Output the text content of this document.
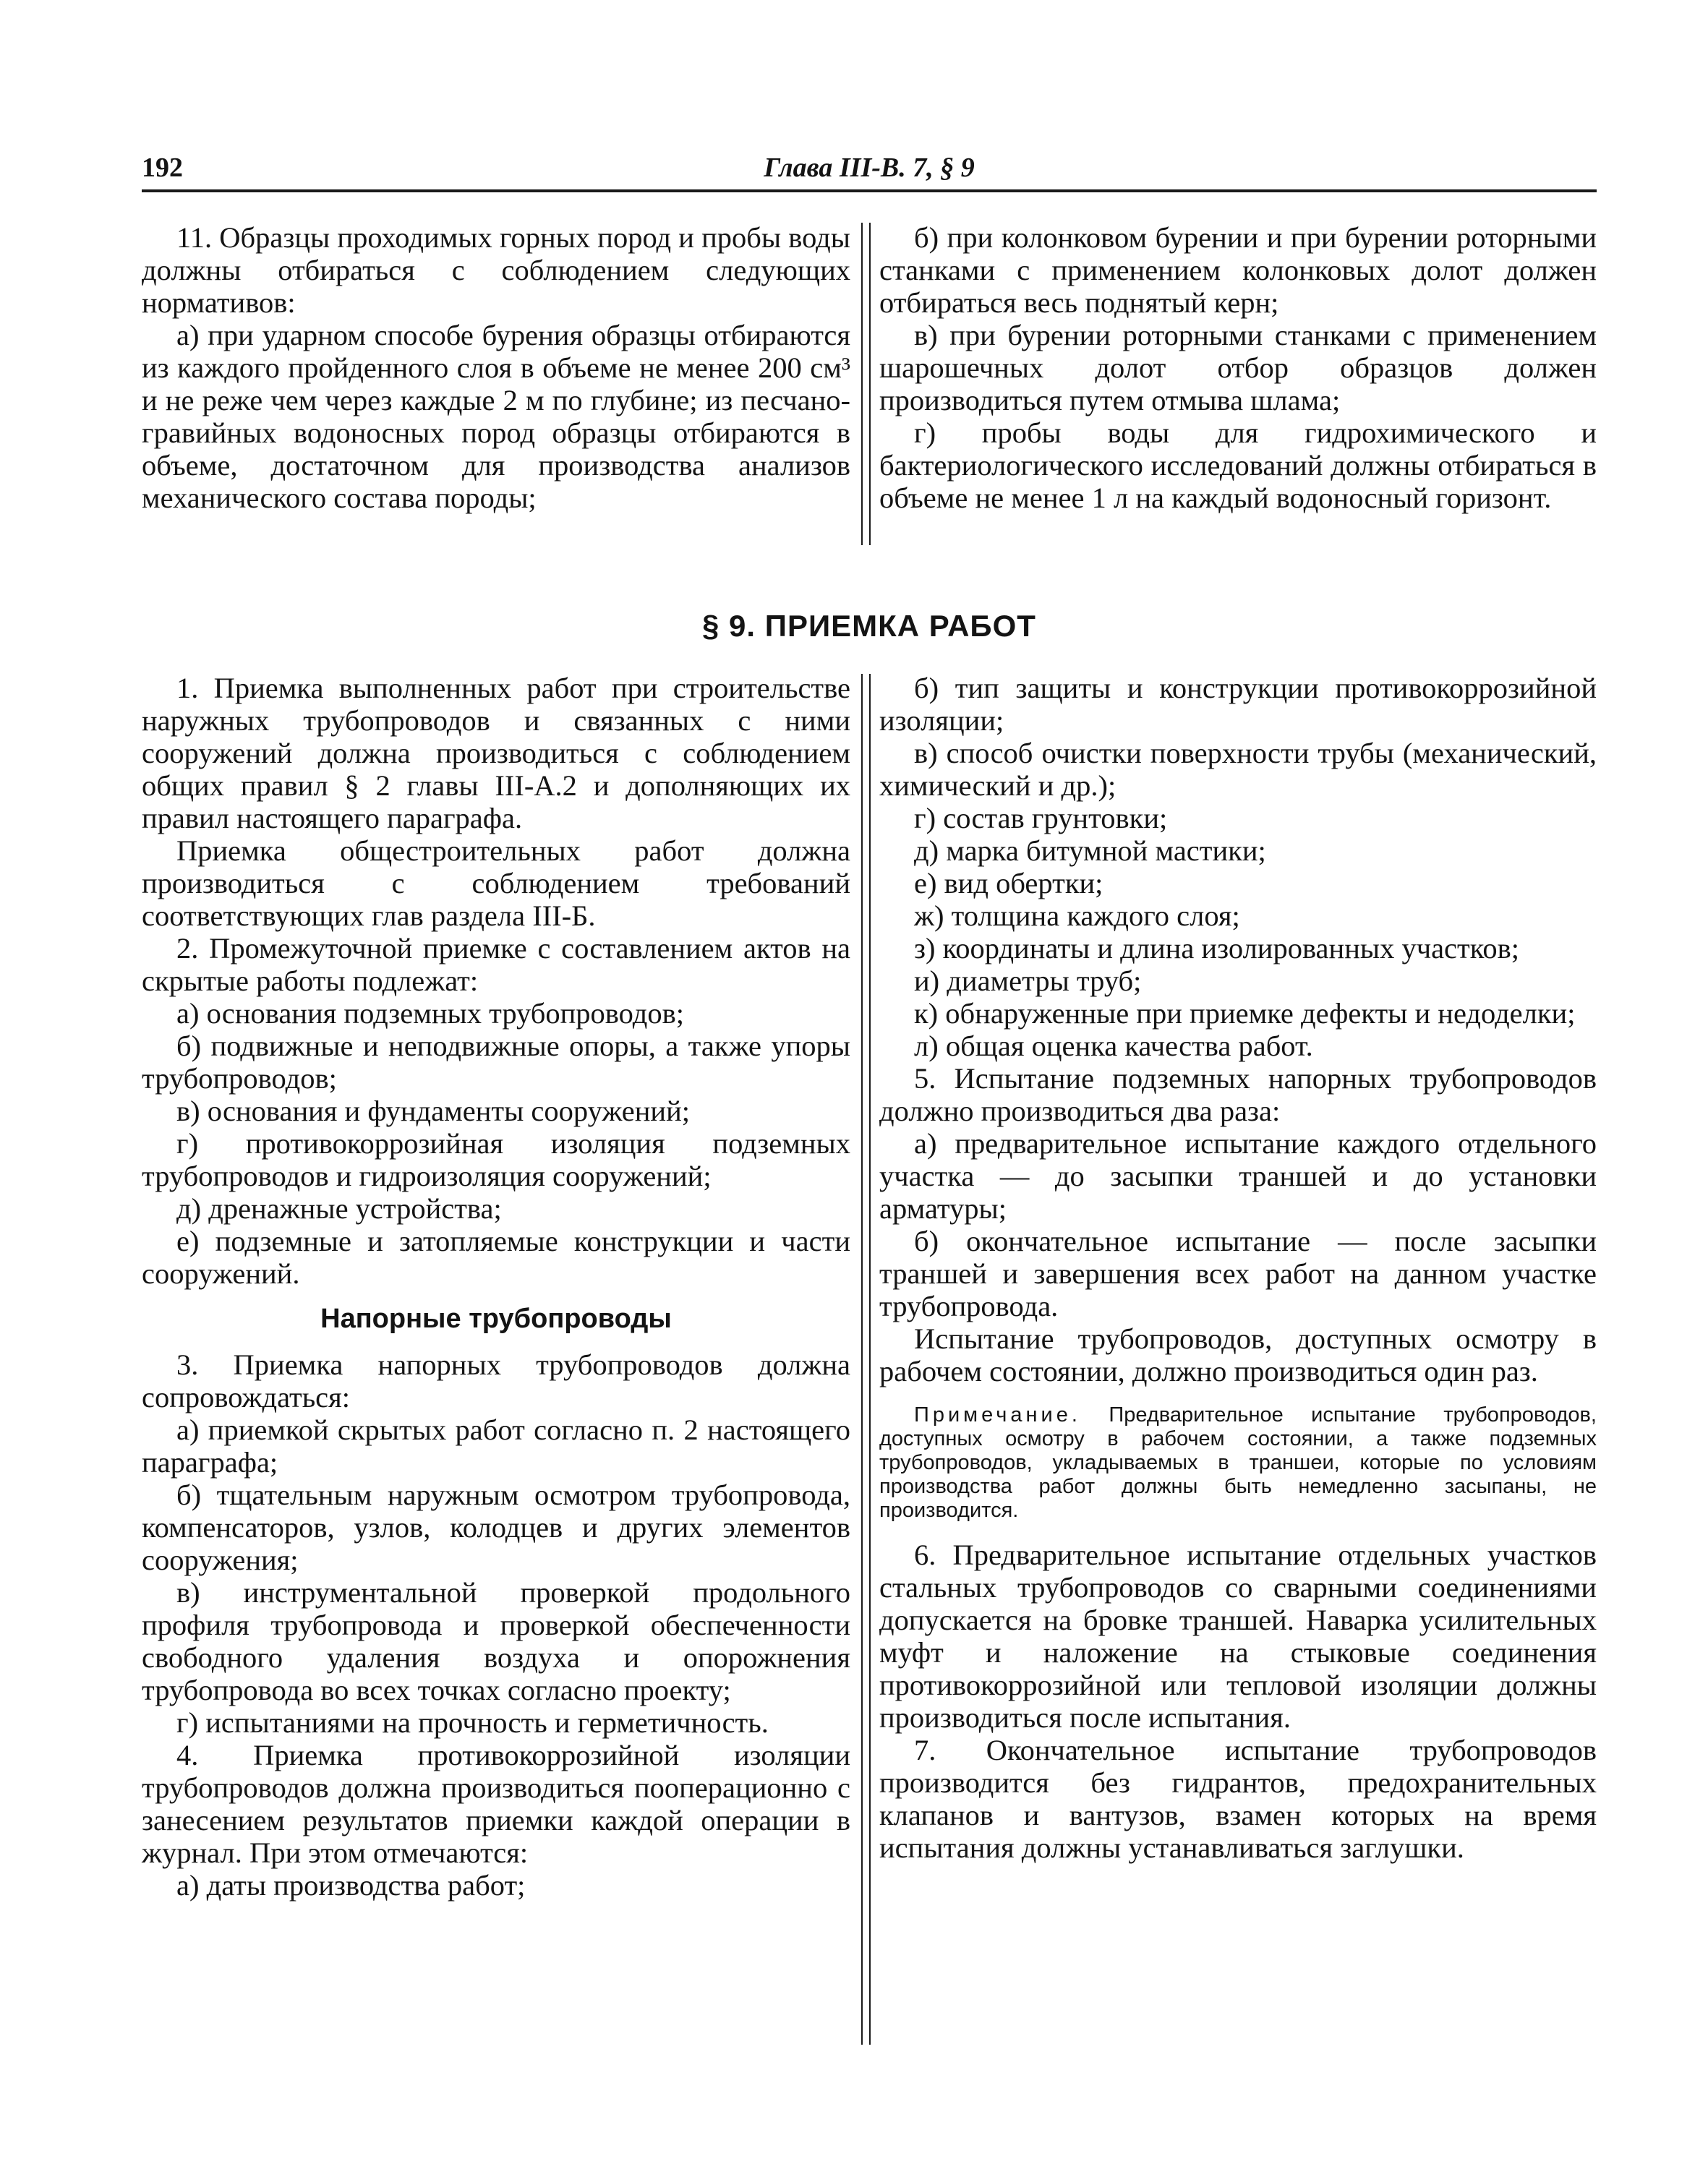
192	Глава III-В. 7, § 9

11. Образцы проходимых горных пород и пробы воды должны отбираться с соблюдением следующих нормативов:

а) при ударном способе бурения образцы отбираются из каждого пройденного слоя в объеме не менее 200 см³ и не реже чем через каждые 2 м по глубине; из песчано-гравийных водоносных пород образцы отбираются в объеме, достаточном для производства анализов механического состава породы;

б) при колонковом бурении и при бурении роторными станками с применением колонковых долот должен отбираться весь поднятый керн;

в) при бурении роторными станками с применением шарошечных долот отбор образцов должен производиться путем отмыва шлама;

г) пробы воды для гидрохимического и бактериологического исследований должны отбираться в объеме не менее 1 л на каждый водоносный горизонт.

§ 9. ПРИЕМКА РАБОТ

1. Приемка выполненных работ при строительстве наружных трубопроводов и связанных с ними сооружений должна производиться с соблюдением общих правил § 2 главы III-А.2 и дополняющих их правил настоящего параграфа.

Приемка общестроительных работ должна производиться с соблюдением требований соответствующих глав раздела III-Б.

2. Промежуточной приемке с составлением актов на скрытые работы подлежат:

а) основания подземных трубопроводов;

б) подвижные и неподвижные опоры, а также упоры трубопроводов;

в) основания и фундаменты сооружений;

г) противокоррозийная изоляция подземных трубопроводов и гидроизоляция сооружений;

д) дренажные устройства;

е) подземные и затопляемые конструкции и части сооружений.

Напорные трубопроводы

3. Приемка напорных трубопроводов должна сопровождаться:

а) приемкой скрытых работ согласно п. 2 настоящего параграфа;

б) тщательным наружным осмотром трубопровода, компенсаторов, узлов, колодцев и других элементов сооружения;

в) инструментальной проверкой продольного профиля трубопровода и проверкой обеспеченности свободного удаления воздуха и опорожнения трубопровода во всех точках согласно проекту;

г) испытаниями на прочность и герметичность.

4. Приемка противокоррозийной изоляции трубопроводов должна производиться пооперационно с занесением результатов приемки каждой операции в журнал. При этом отмечаются:

а) даты производства работ;

б) тип защиты и конструкции противокоррозийной изоляции;

в) способ очистки поверхности трубы (механический, химический и др.);

г) состав грунтовки;

д) марка битумной мастики;

е) вид обертки;

ж) толщина каждого слоя;

з) координаты и длина изолированных участков;

и) диаметры труб;

к) обнаруженные при приемке дефекты и недоделки;

л) общая оценка качества работ.

5. Испытание подземных напорных трубопроводов должно производиться два раза:

а) предварительное испытание каждого отдельного участка — до засыпки траншей и до установки арматуры;

б) окончательное испытание — после засыпки траншей и завершения всех работ на данном участке трубопровода.

Испытание трубопроводов, доступных осмотру в рабочем состоянии, должно производиться один раз.

Примечание. Предварительное испытание трубопроводов, доступных осмотру в рабочем состоянии, а также подземных трубопроводов, укладываемых в траншеи, которые по условиям производства работ должны быть немедленно засыпаны, не производится.

6. Предварительное испытание отдельных участков стальных трубопроводов со сварными соединениями допускается на бровке траншей. Наварка усилительных муфт и наложение на стыковые соединения противокоррозийной или тепловой изоляции должны производиться после испытания.

7. Окончательное испытание трубопроводов производится без гидрантов, предохранительных клапанов и вантузов, взамен которых на время испытания должны устанавливаться заглушки.
